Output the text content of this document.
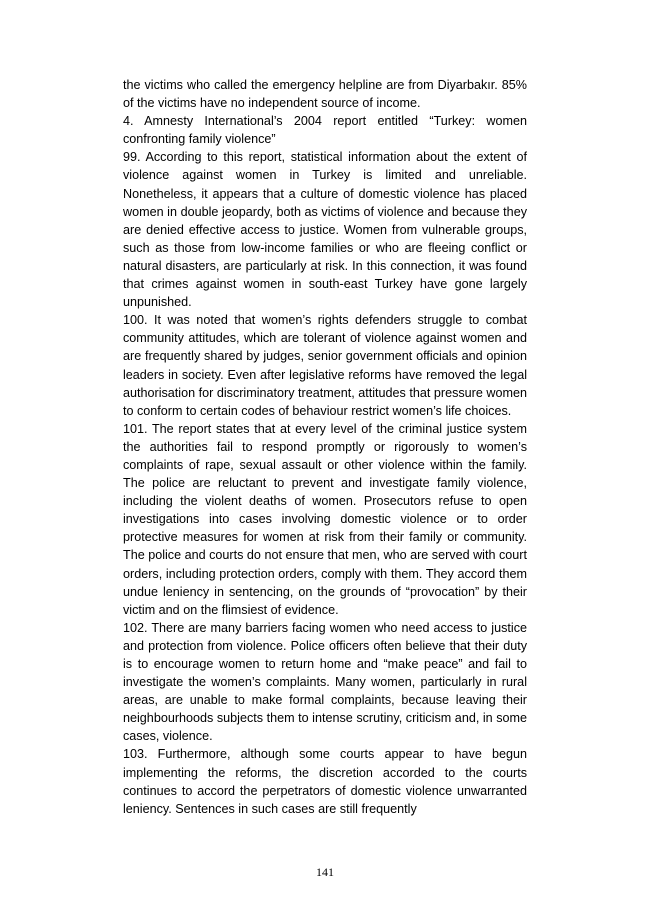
the victims who called the emergency helpline are from Diyarbakır. 85% of the victims have no independent source of income.

4. Amnesty International’s 2004 report entitled “Turkey: women confronting family violence”

99. According to this report, statistical information about the extent of violence against women in Turkey is limited and unreliable. Nonetheless, it appears that a culture of domestic violence has placed women in double jeopardy, both as victims of violence and because they are denied effective access to justice. Women from vulnerable groups, such as those from low-income families or who are fleeing conflict or natural disasters, are particularly at risk. In this connection, it was found that crimes against women in south-east Turkey have gone largely unpunished.

100. It was noted that women’s rights defenders struggle to combat community attitudes, which are tolerant of violence against women and are frequently shared by judges, senior government officials and opinion leaders in society. Even after legislative reforms have removed the legal authorisation for discriminatory treatment, attitudes that pressure women to conform to certain codes of behaviour restrict women’s life choices.

101. The report states that at every level of the criminal justice system the authorities fail to respond promptly or rigorously to women’s complaints of rape, sexual assault or other violence within the family. The police are reluctant to prevent and investigate family violence, including the violent deaths of women. Prosecutors refuse to open investigations into cases involving domestic violence or to order protective measures for women at risk from their family or community. The police and courts do not ensure that men, who are served with court orders, including protection orders, comply with them. They accord them undue leniency in sentencing, on the grounds of “provocation” by their victim and on the flimsiest of evidence.

102. There are many barriers facing women who need access to justice and protection from violence. Police officers often believe that their duty is to encourage women to return home and “make peace” and fail to investigate the women’s complaints. Many women, particularly in rural areas, are unable to make formal complaints, because leaving their neighbourhoods subjects them to intense scrutiny, criticism and, in some cases, violence.

103. Furthermore, although some courts appear to have begun implementing the reforms, the discretion accorded to the courts continues to accord the perpetrators of domestic violence unwarranted leniency. Sentences in such cases are still frequently

141
